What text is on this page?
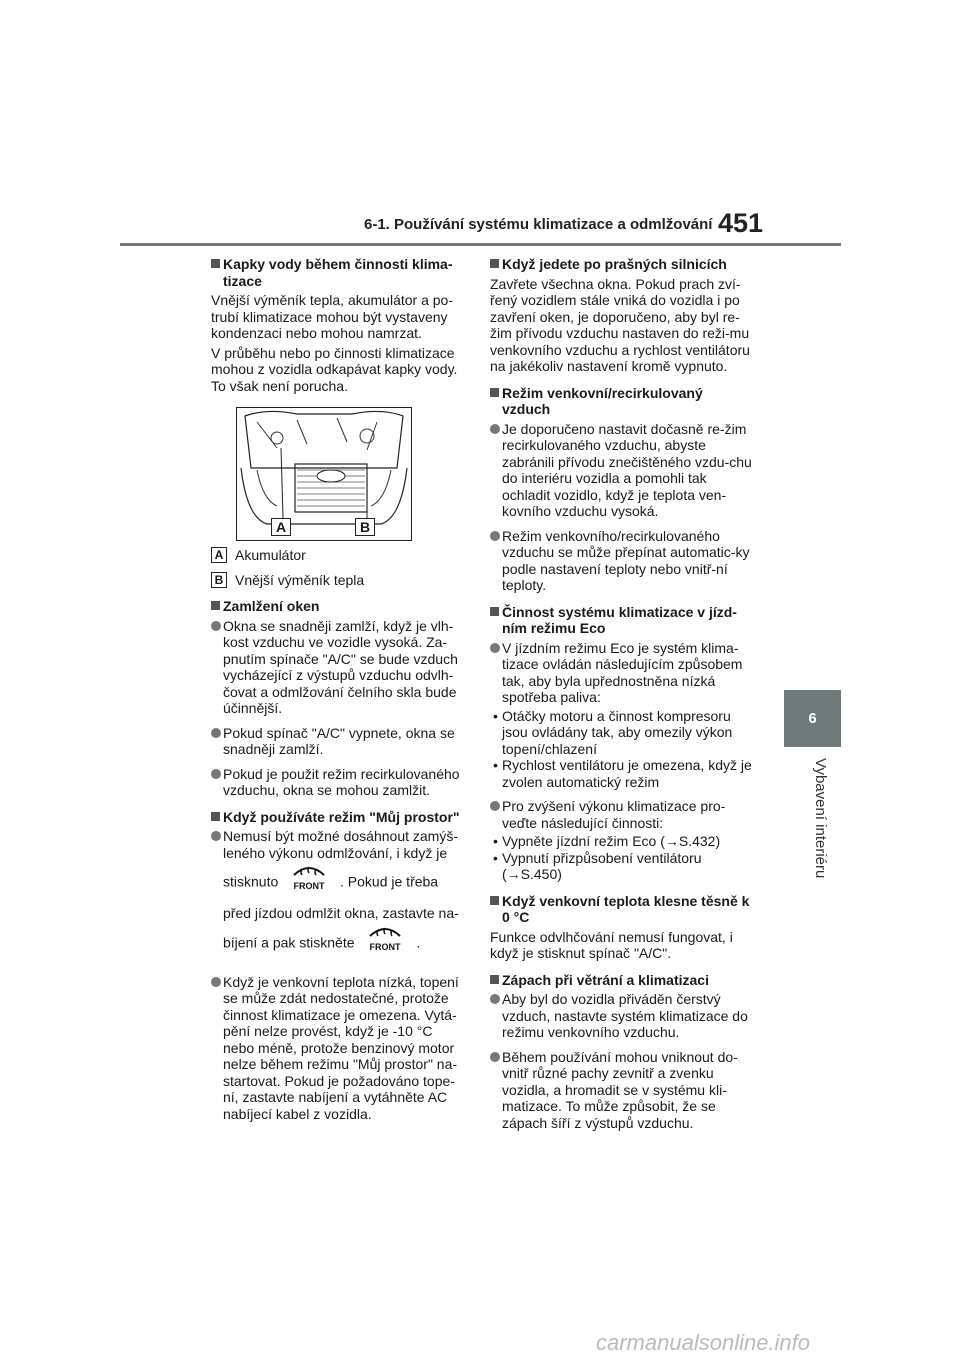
6-1. Používání systému klimatizace a odmlžování 451
6
Vybavení interiéru
Kapky vody během činnosti klima-tizace
Vnější výměník tepla, akumulátor a po-trubí klimatizace mohou být vystaveny kondenzaci nebo mohou namrzat.
V průběhu nebo po činnosti klimatizace mohou z vozidla odkapávat kapky vody. To však není porucha.
A	B
A Akumulátor
B Vnější výměník tepla
Zamlžení oken
Okna se snadněji zamlží, když je vlh-kost vzduchu ve vozidle vysoká. Za-pnutím spínače "A/C" se bude vzduch vycházející z výstupů vzduchu odvlh-čovat a odmlžování čelního skla bude účinnější.
Pokud spínač "A/C" vypnete, okna se snadněji zamlží.
Pokud je použit režim recirkulovaného vzduchu, okna se mohou zamlžit.
Když používáte režim "Můj prostor"
Nemusí být možné dosáhnout zamýš-leného výkonu odmlžování, i když je
stisknuto FRONT . Pokud je třeba
před jízdou odmlžit okna, zastavte na-
bíjení a pak stiskněte FRONT .
Když je venkovní teplota nízká, topení se může zdát nedostatečné, protože činnost klimatizace je omezena. Vytá-pění nelze provést, když je -10 °C nebo méně, protože benzinový motor nelze během režimu "Můj prostor" na-startovat. Pokud je požadováno tope-ní, zastavte nabíjení a vytáhněte AC nabíjecí kabel z vozidla.
Když jedete po prašných silnicích
Zavřete všechna okna. Pokud prach zví-řený vozidlem stále vniká do vozidla i po zavření oken, je doporučeno, aby byl re-žim přívodu vzduchu nastaven do reži-mu venkovního vzduchu a rychlost ventilátoru na jakékoliv nastavení kromě vypnuto.
Režim venkovní/recirkulovaný vzduch
Je doporučeno nastavit dočasně re-žim recirkulovaného vzduchu, abyste zabránili přívodu znečištěného vzdu-chu do interiéru vozidla a pomohli tak ochladit vozidlo, když je teplota ven-kovního vzduchu vysoká.
Režim venkovního/recirkulovaného vzduchu se může přepínat automatic-ky podle nastavení teploty nebo vnitř-ní teploty.
Činnost systému klimatizace v jízd-ním režimu Eco
V jízdním režimu Eco je systém klima-tizace ovládán následujícím způsobem tak, aby byla upřednostněna nízká spotřeba paliva:
• Otáčky motoru a činnost kompresoru jsou ovládány tak, aby omezily výkon topení/chlazení
• Rychlost ventilátoru je omezena, když je zvolen automatický režim
Pro zvýšení výkonu klimatizace pro-veďte následující činnosti:
• Vypněte jízdní režim Eco (→S.432)
• Vypnutí přizpůsobení ventilátoru (→S.450)
Když venkovní teplota klesne těsně k 0 °C
Funkce odvlhčování nemusí fungovat, i když je stisknut spínač "A/C".
Zápach při větrání a klimatizaci
Aby byl do vozidla přiváděn čerstvý vzduch, nastavte systém klimatizace do režimu venkovního vzduchu.
Během používání mohou vniknout do-vnitř různé pachy zevnitř a zvenku vozidla, a hromadit se v systému kli-matizace. To může způsobit, že se zápach šíří z výstupů vzduchu.
carmanualsonline.info
